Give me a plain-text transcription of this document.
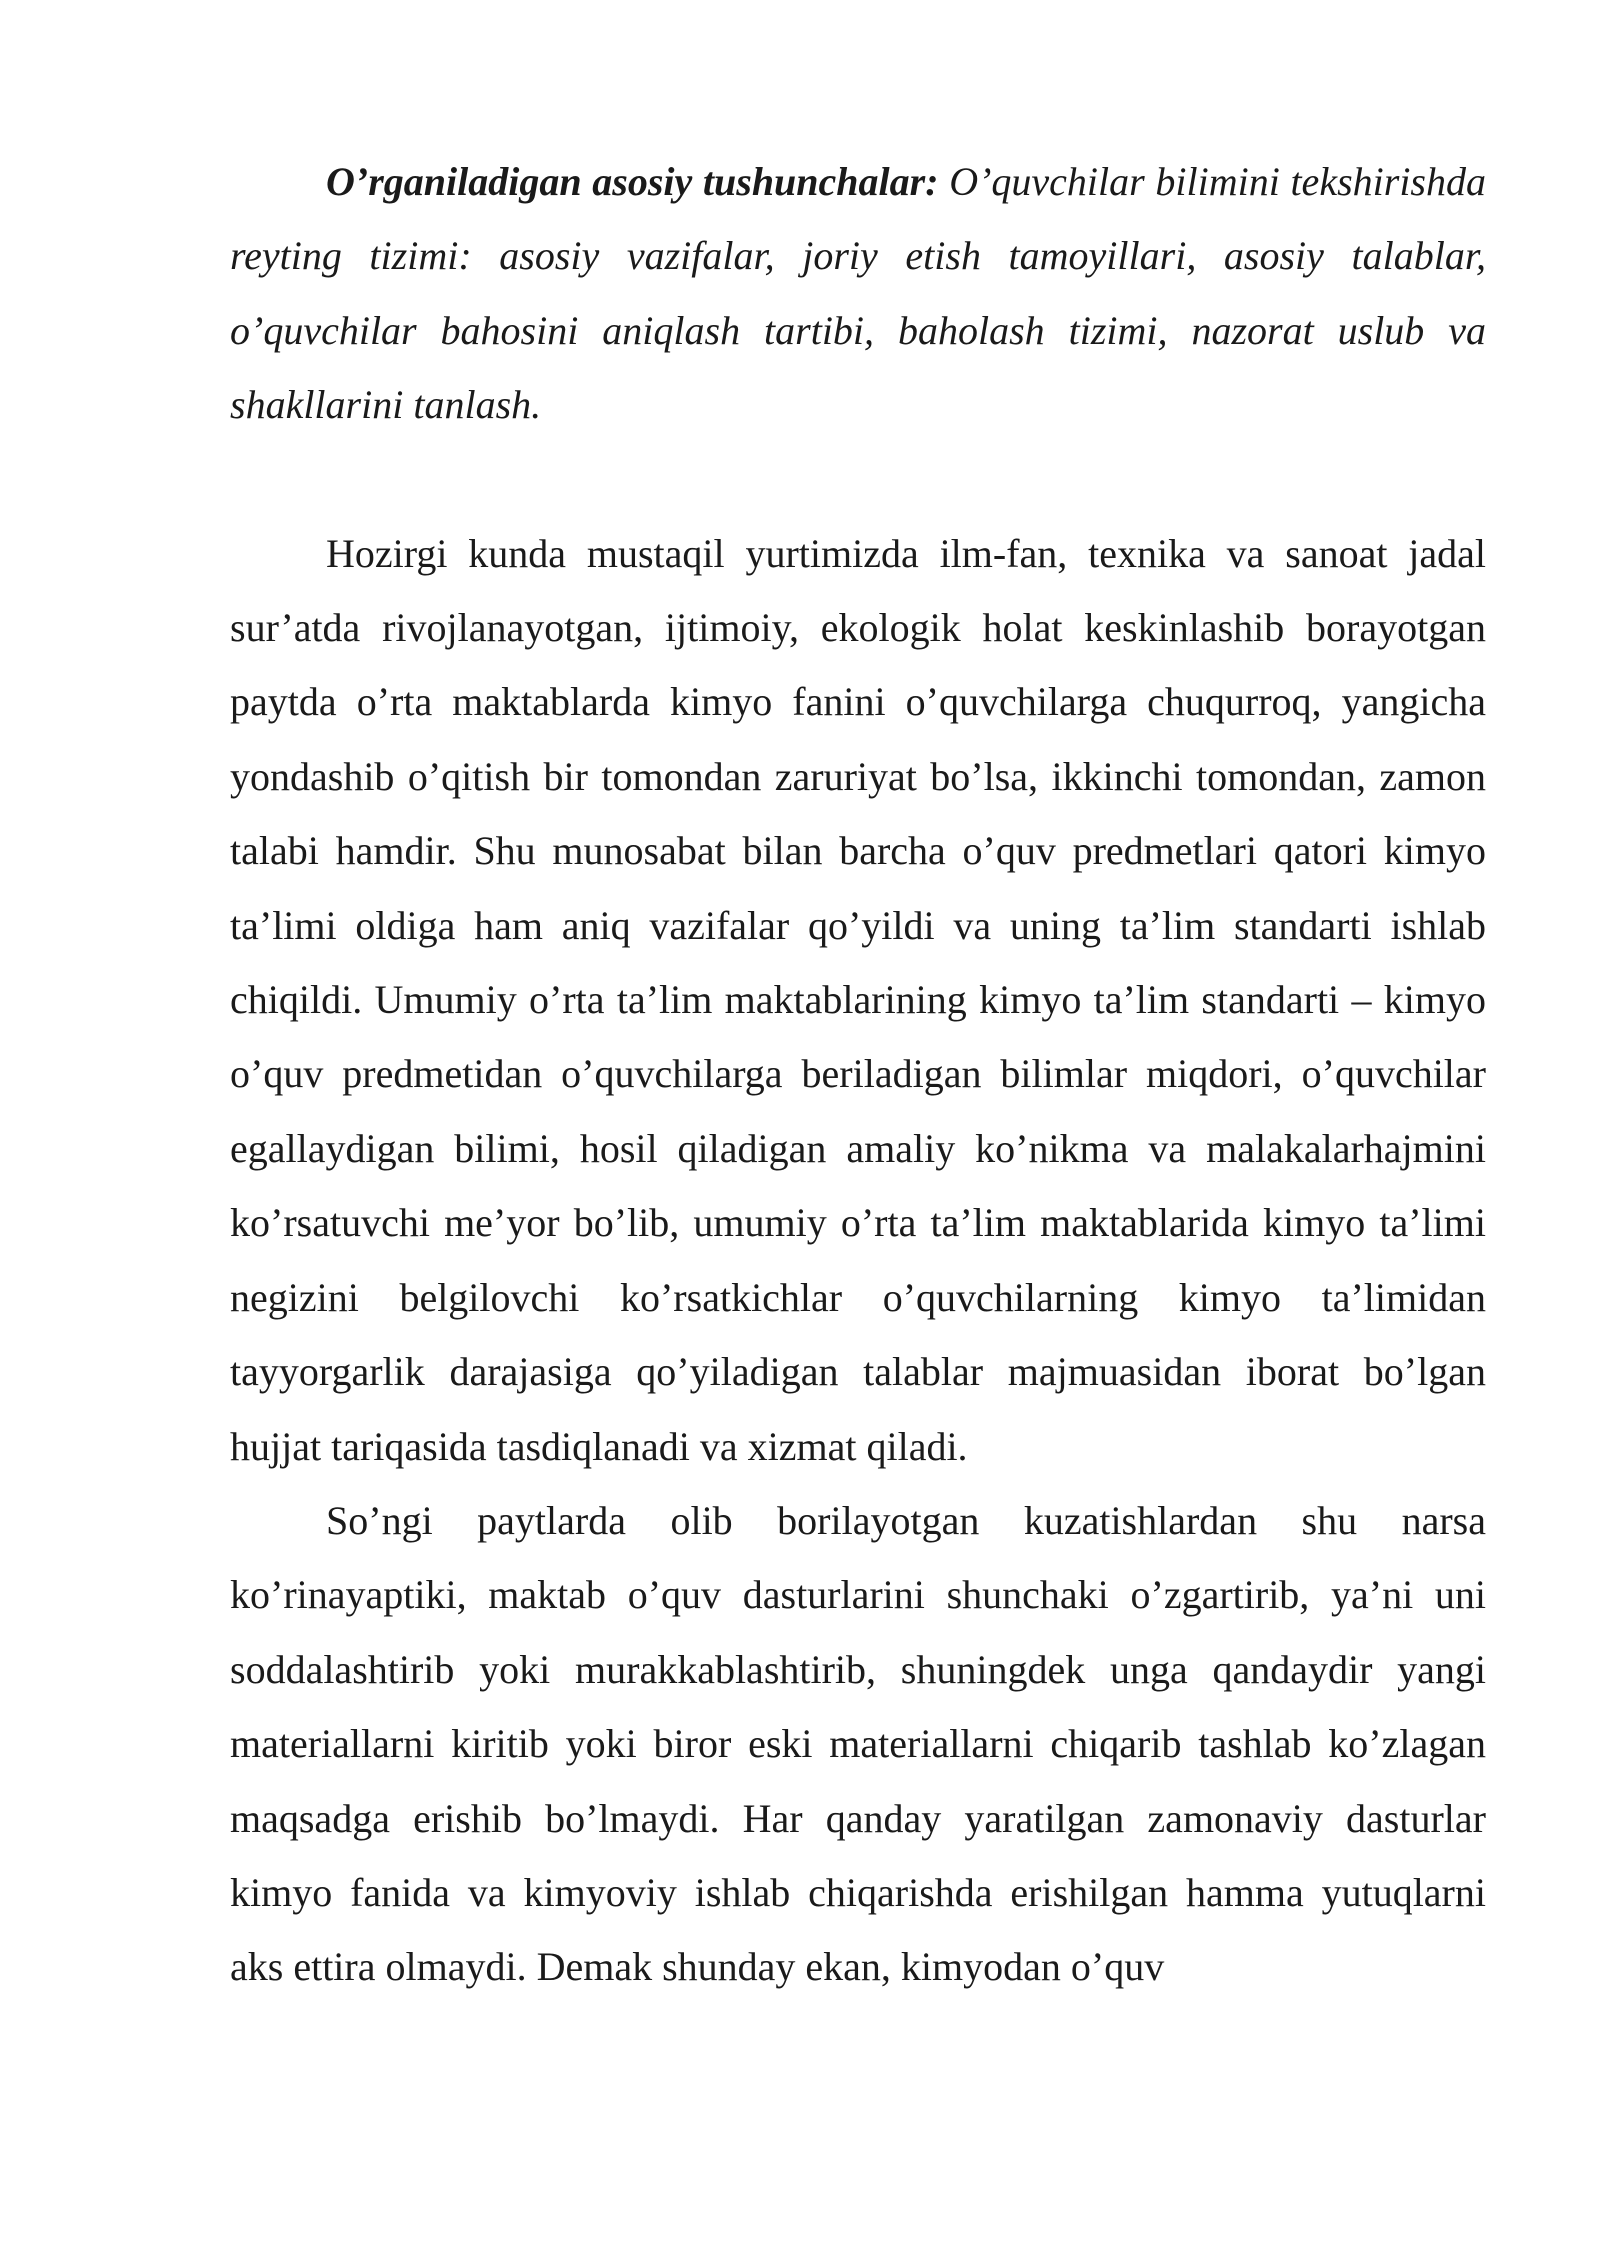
O’rganiladigan asosiy tushunchalar: O’quvchilar bilimini tekshirishda reyting tizimi: asosiy vazifalar, joriy etish tamoyillari, asosiy talablar, o’quvchilar bahosini aniqlash tartibi, baholash tizimi, nazorat uslub va shakllarini tanlash.

Hozirgi kunda mustaqil yurtimizda ilm-fan, texnika va sanoat jadal sur’atda rivojlanayotgan, ijtimoiy, ekologik holat keskinlashib borayotgan paytda o’rta maktablarda kimyo fanini o’quvchilarga chuqurroq, yangicha yondashib o’qitish bir tomondan zaruriyat bo’lsa, ikkinchi tomondan, zamon talabi hamdir. Shu munosabat bilan barcha o’quv predmetlari qatori kimyo ta’limi oldiga ham aniq vazifalar qo’yildi va uning ta’lim standarti ishlab chiqildi. Umumiy o’rta ta’lim maktablarining kimyo ta’lim standarti – kimyo o’quv predmetidan o’quvchilarga beriladigan bilimlar miqdori, o’quvchilar egallaydigan bilimi, hosil qiladigan amaliy ko’nikma va malakalarhajmini ko’rsatuvchi me’yor bo’lib, umumiy o’rta ta’lim maktablarida kimyo ta’limi negizini belgilovchi ko’rsatkichlar o’quvchilarning kimyo ta’limidan tayyorgarlik darajasiga qo’yiladigan talablar majmuasidan iborat bo’lgan hujjat tariqasida tasdiqlanadi va xizmat qiladi.

So’ngi paytlarda olib borilayotgan kuzatishlardan shu narsa ko’rinayaptiki, maktab o’quv dasturlarini shunchaki o’zgartirib, ya’ni uni soddalashtirib yoki murakkablashtirib, shuningdek unga qandaydir yangi materiallarni kiritib yoki biror eski materiallarni chiqarib tashlab ko’zlagan maqsadga erishib bo’lmaydi. Har qanday yaratilgan zamonaviy dasturlar kimyo fanida va kimyoviy ishlab chiqarishda erishilgan hamma yutuqlarni aks ettira olmaydi. Demak shunday ekan, kimyodan o’quv
